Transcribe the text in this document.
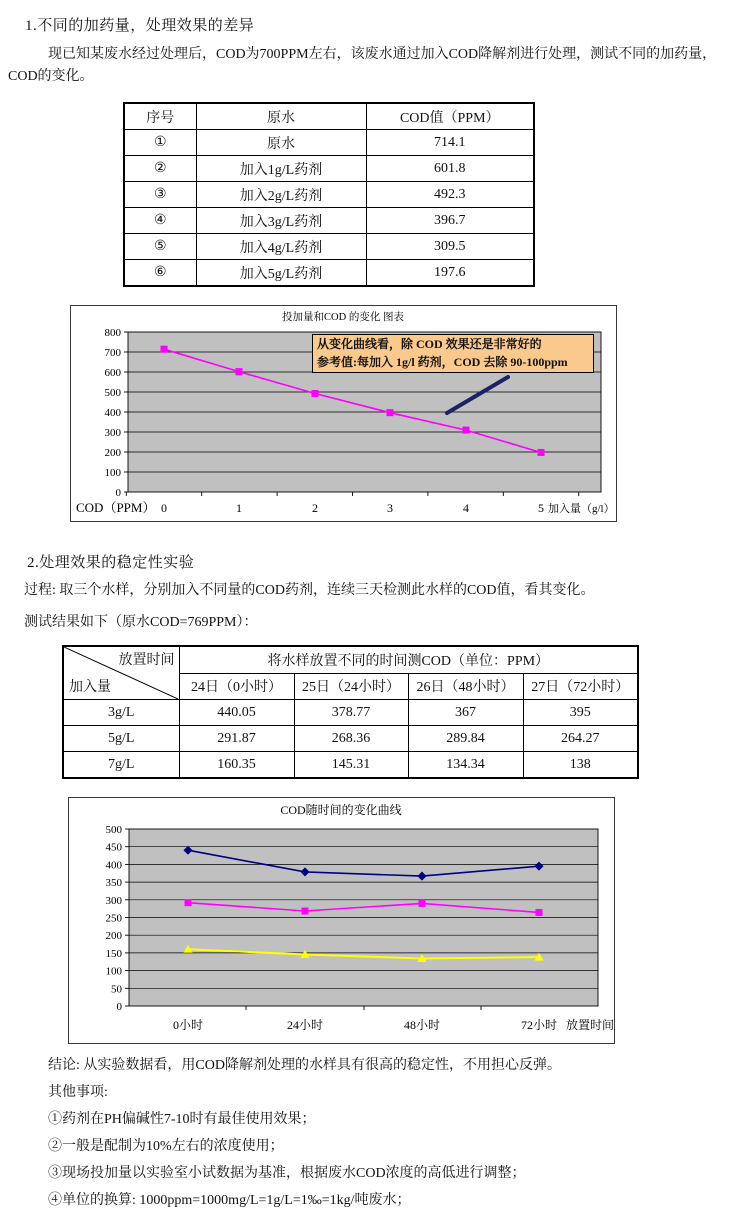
1.不同的加药量，处理效果的差异
现已知某废水经过处理后，COD为700PPM左右，该废水通过加入COD降解剂进行处理，测试不同的加药量，COD的变化。
序号	原水	COD值（PPM）
①	原水	714.1
②	加入1g/L药剂	601.8
③	加入2g/L药剂	492.3
④	加入3g/L药剂	396.7
⑤	加入4g/L药剂	309.5
⑥	加入5g/L药剂	197.6
投加量和COD 的变化 图表
800
700
600
500
400
300
200
100
0
0	1	2	3	4	5
COD（PPM）	加入量（g/l）
从变化曲线看，除 COD 效果还是非常好的
参考值:每加入 1g/l 药剂，COD 去除 90-100ppm
2.处理效果的稳定性实验
过程: 取三个水样，分别加入不同量的COD药剂，连续三天检测此水样的COD值，看其变化。
测试结果如下（原水COD=769PPM）：
放置时间
加入量	将水样放置不同的时间测COD（单位：PPM）			
	24日（0小时）	25日（24小时）	26日（48小时）	27日（72小时）
3g/L	440.05	378.77	367	395
5g/L	291.87	268.36	289.84	264.27
7g/L	160.35	145.31	134.34	138
COD随时间的变化曲线
500
450
400
350
300
250
200
150
100
50
0
0小时	24小时	48小时	72小时 放置时间
结论: 从实验数据看，用COD降解剂处理的水样具有很高的稳定性，不用担心反弹。
其他事项:
①药剂在PH偏碱性7-10时有最佳使用效果；
②一般是配制为10%左右的浓度使用；
③现场投加量以实验室小试数据为基准，根据废水COD浓度的高低进行调整；
④单位的换算: 1000ppm=1000mg/L=1g/L=1‰=1kg/吨废水；
